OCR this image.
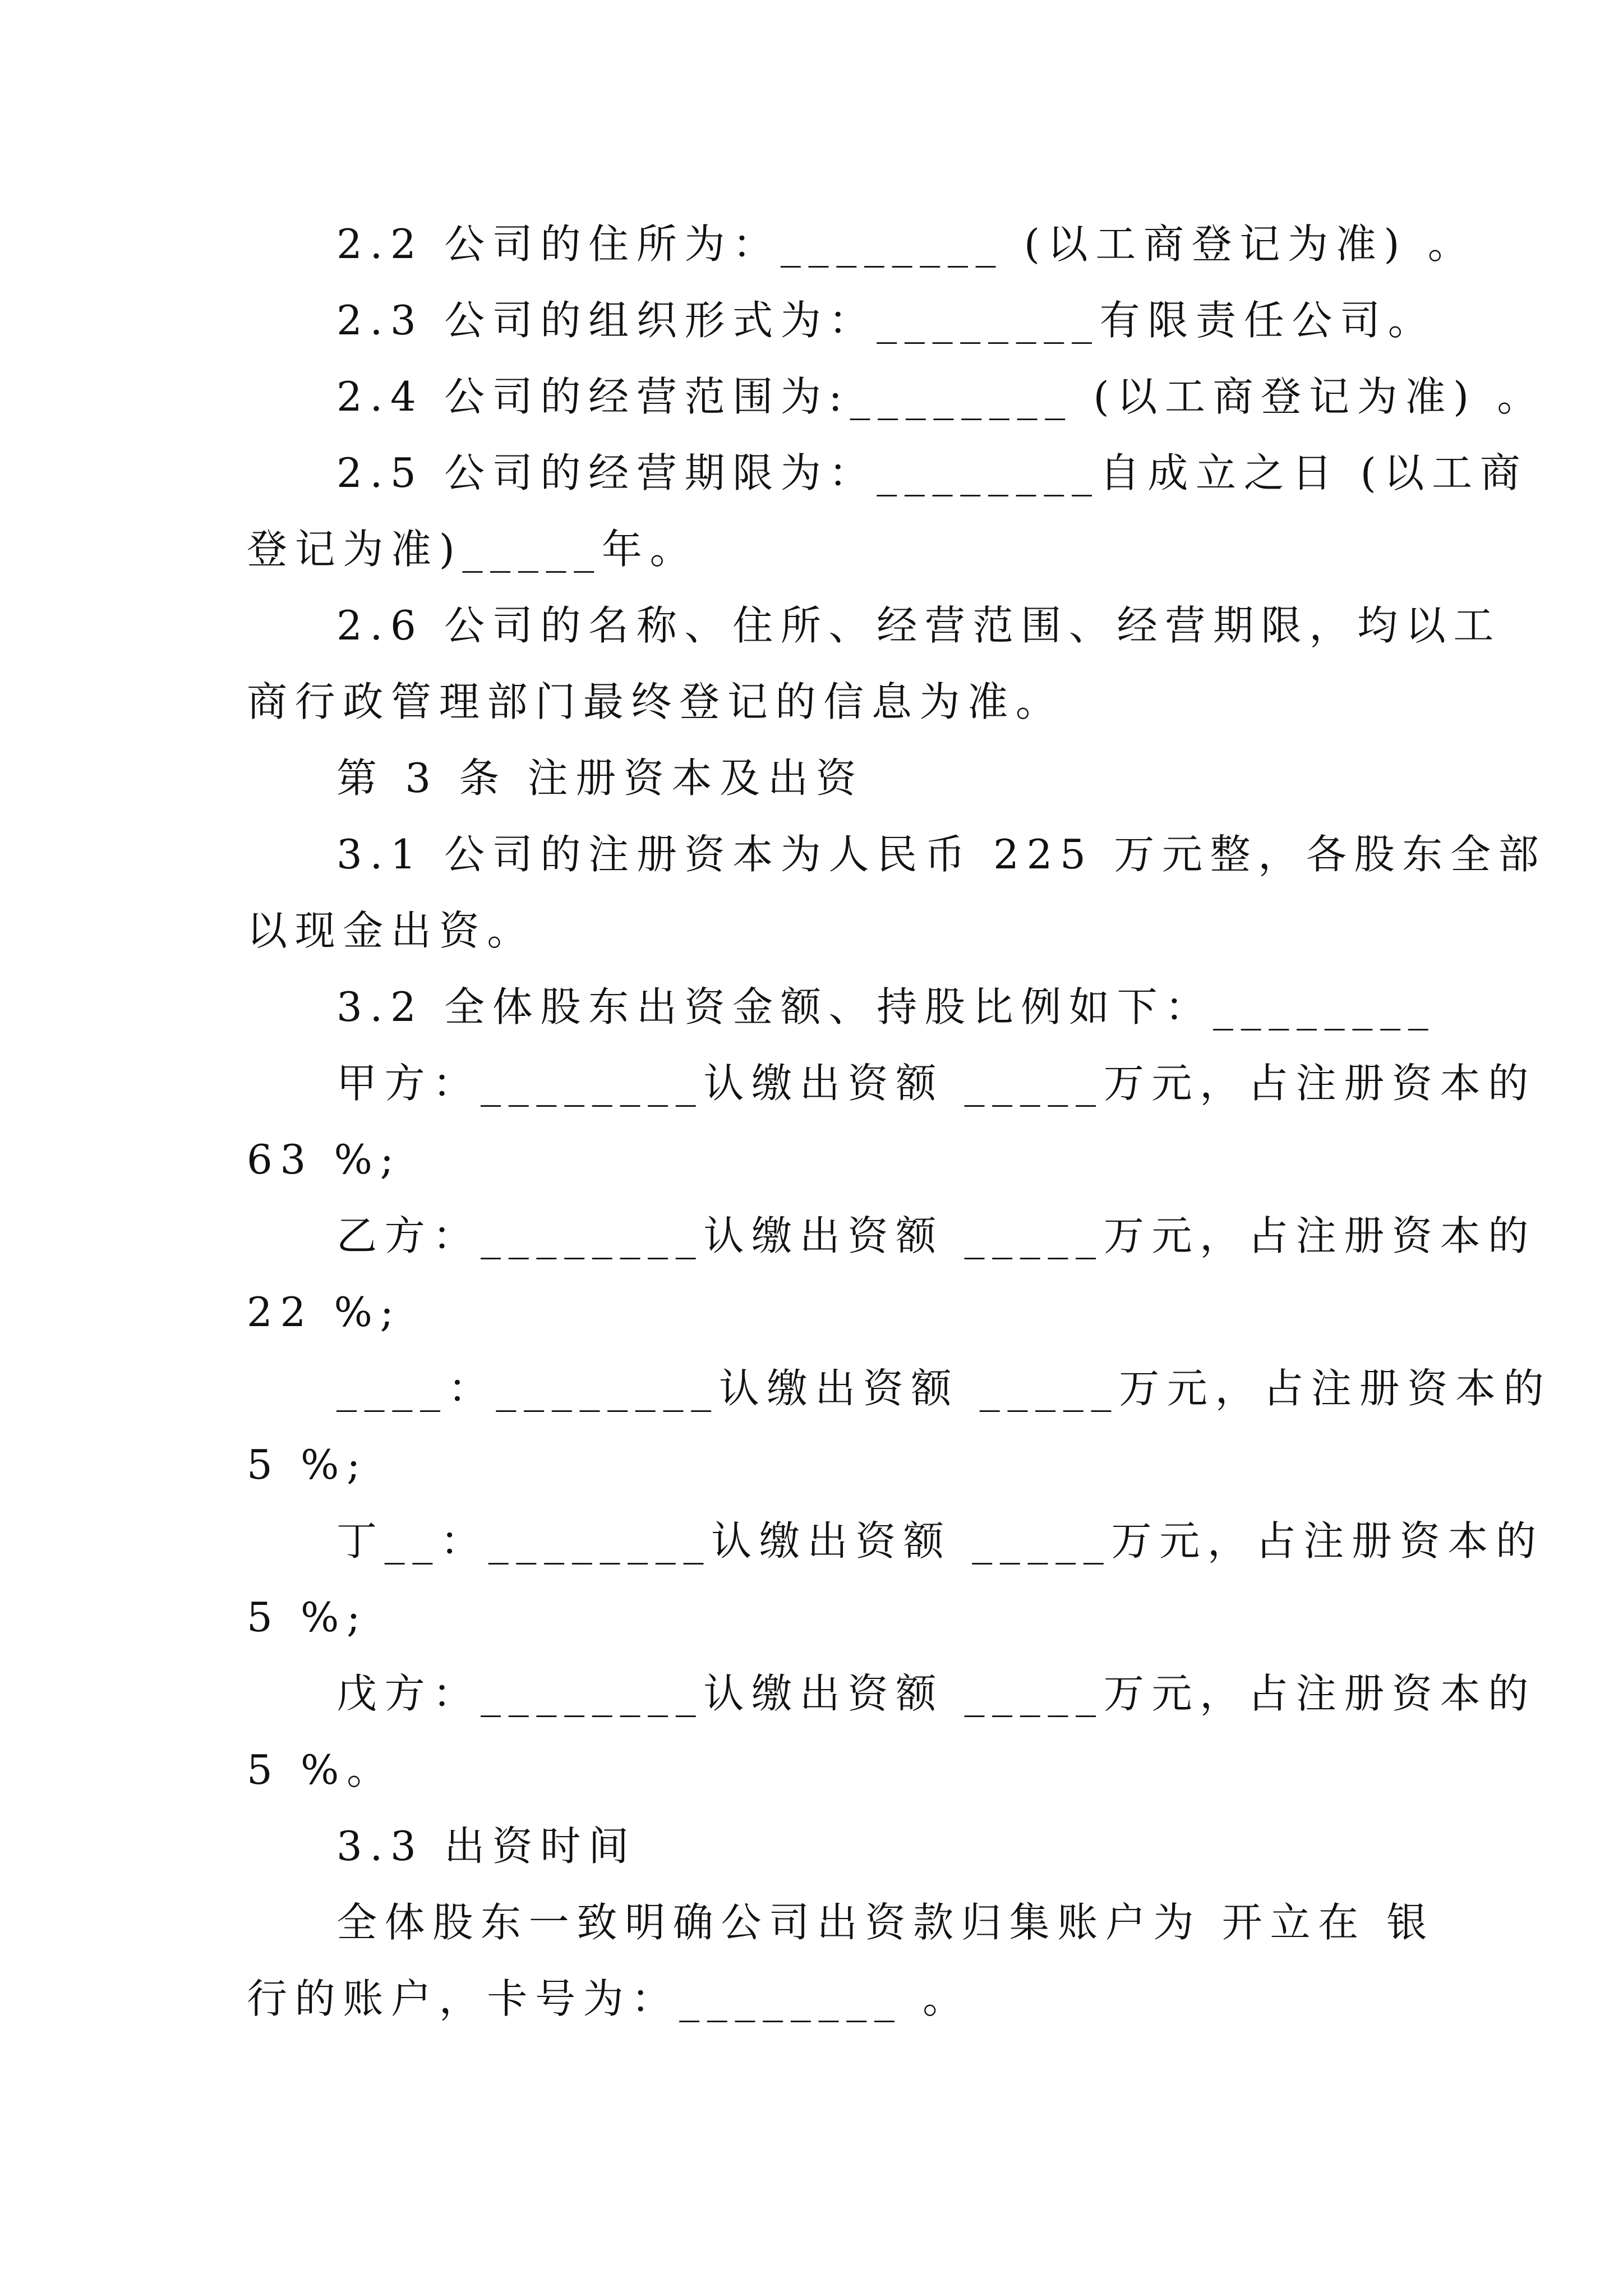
2.2 公司的住所为：________ (以工商登记为准) 。
2.3 公司的组织形式为：________有限责任公司。
2.4 公司的经营范围为:________ (以工商登记为准) 。
2.5 公司的经营期限为：________自成立之日 (以工商
登记为准)_____年。
2.6 公司的名称、住所、经营范围、经营期限，均以工
商行政管理部门最终登记的信息为准。
第 3 条 注册资本及出资
3.1 公司的注册资本为人民币 225 万元整，各股东全部
以现金出资。
3.2 全体股东出资金额、持股比例如下：________
甲方：________认缴出资额 _____万元，占注册资本的
63 %;
乙方：________认缴出资额 _____万元，占注册资本的
22 %;
____：________认缴出资额 _____万元，占注册资本的
5 %;
丁__：________认缴出资额 _____万元，占注册资本的
5 %;
戊方：________认缴出资额 _____万元，占注册资本的
5 %。
3.3 出资时间
全体股东一致明确公司出资款归集账户为 开立在 银
行的账户，卡号为：________ 。
